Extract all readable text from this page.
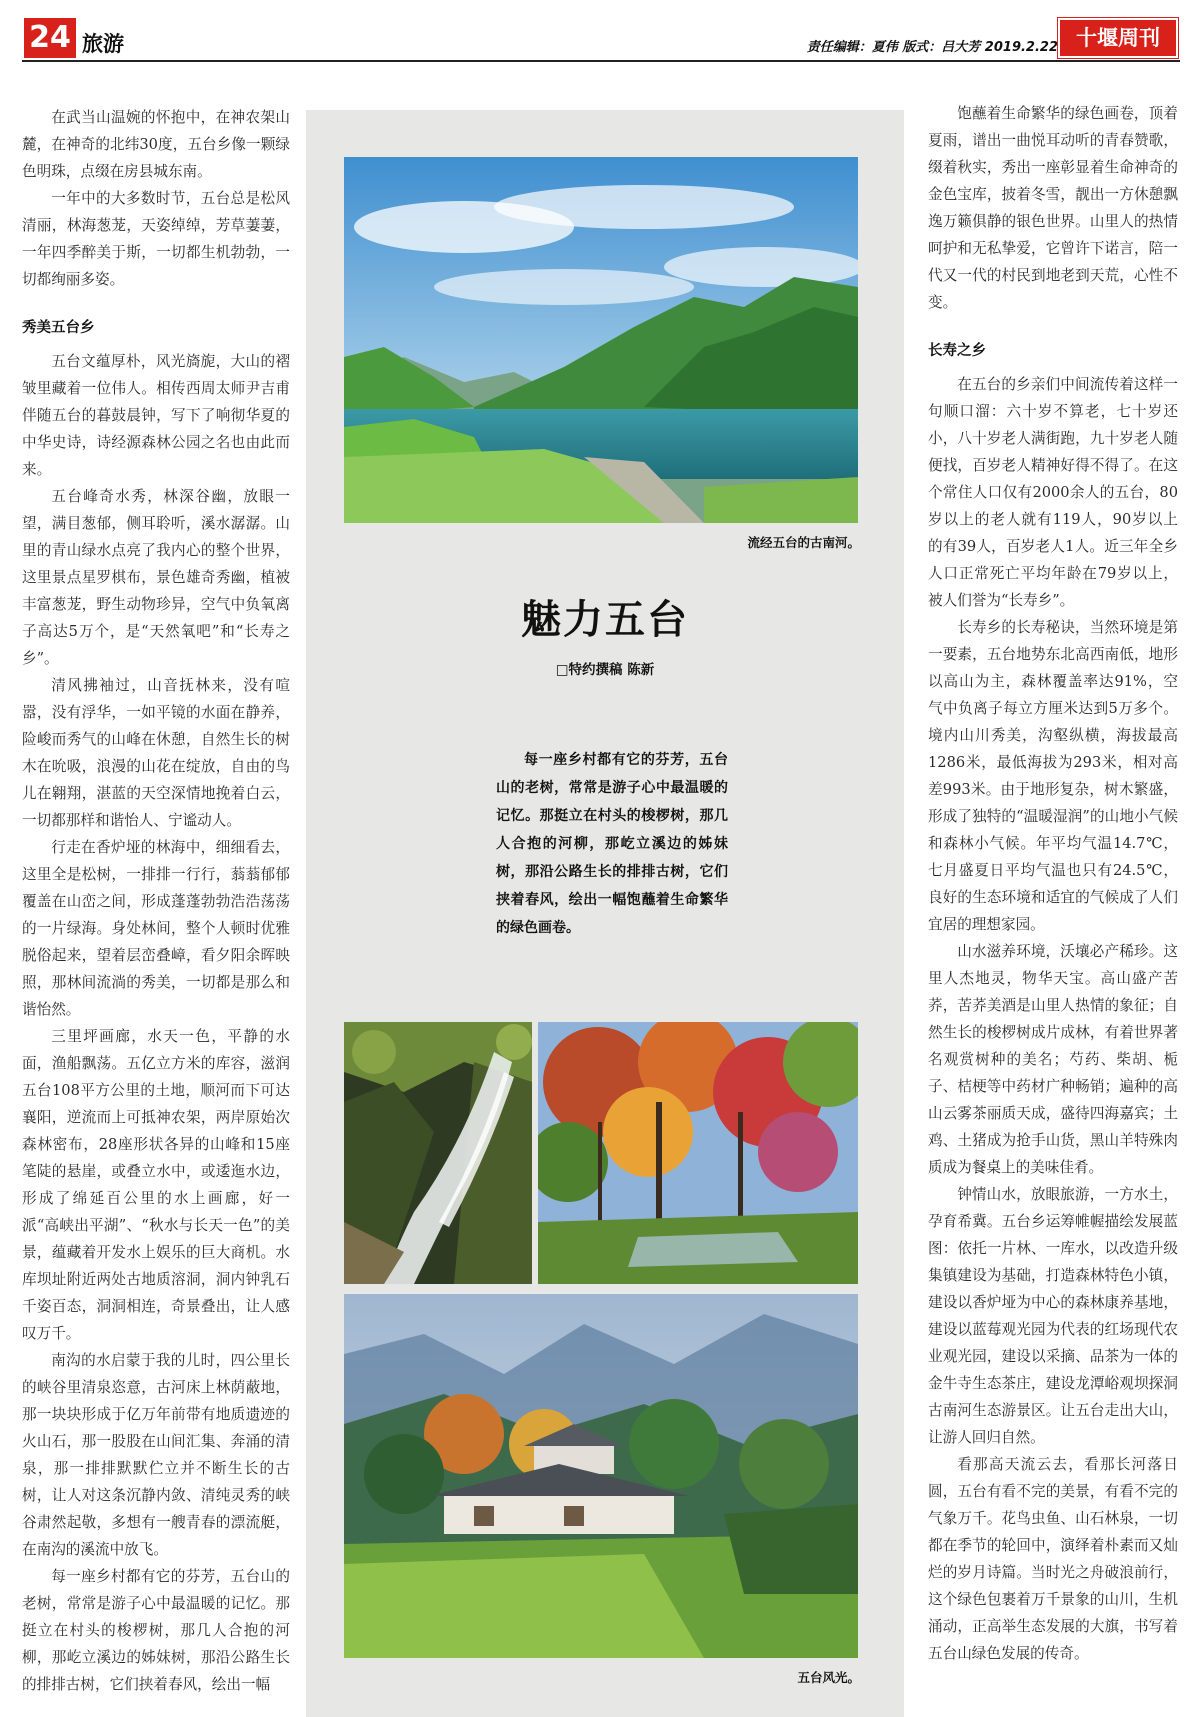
24 旅游	责任编辑：夏伟 版式：吕大芳 2019.2.22 十堰周刊

在武当山温婉的怀抱中，在神农架山麓，在神奇的北纬30度，五台乡像一颗绿色明珠，点缀在房县城东南。

一年中的大多数时节，五台总是松风清丽，林海葱茏，天姿绰绰，芳草萋萋，一年四季醉美于斯，一切都生机勃勃，一切都绚丽多姿。

秀美五台乡

五台文蕴厚朴，风光旖旎，大山的褶皱里藏着一位伟人。相传西周太师尹吉甫伴随五台的暮鼓晨钟，写下了响彻华夏的中华史诗，诗经源森林公园之名也由此而来。

五台峰奇水秀，林深谷幽，放眼一望，满目葱郁，侧耳聆听，溪水潺潺。山里的青山绿水点亮了我内心的整个世界，这里景点星罗棋布，景色雄奇秀幽，植被丰富葱茏，野生动物珍异，空气中负氧离子高达5万个，是“天然氧吧”和“长寿之乡”。

清风拂袖过，山音抚林来，没有喧嚣，没有浮华，一如平镜的水面在静养，险峻而秀气的山峰在休憩，自然生长的树木在吮吸，浪漫的山花在绽放，自由的鸟儿在翱翔，湛蓝的天空深情地挽着白云，一切都那样和谐怡人、宁谧动人。

行走在香炉垭的林海中，细细看去，这里全是松树，一排排一行行，蓊蓊郁郁覆盖在山峦之间，形成蓬蓬勃勃浩浩荡荡的一片绿海。身处林间，整个人顿时优雅脱俗起来，望着层峦叠嶂，看夕阳余晖映照，那林间流淌的秀美，一切都是那么和谐怡然。

三里坪画廊，水天一色，平静的水面，渔船飘荡。五亿立方米的库容，滋润五台108平方公里的土地，顺河而下可达襄阳，逆流而上可抵神农架，两岸原始次森林密布，28座形状各异的山峰和15座笔陡的悬崖，或叠立水中，或逶迤水边，形成了绵延百公里的水上画廊，好一派“高峡出平湖”、“秋水与长天一色”的美景，蕴藏着开发水上娱乐的巨大商机。水库坝址附近两处古地质溶洞，洞内钟乳石千姿百态，洞洞相连，奇景叠出，让人感叹万千。

南沟的水启蒙于我的儿时，四公里长的峡谷里清泉恣意，古河床上林荫蔽地，那一块块形成于亿万年前带有地质遗迹的火山石，那一股股在山间汇集、奔涌的清泉，那一排排默默伫立并不断生长的古树，让人对这条沉静内敛、清纯灵秀的峡谷肃然起敬，多想有一艘青春的漂流艇，在南沟的溪流中放飞。

每一座乡村都有它的芬芳，五台山的老树，常常是游子心中最温暖的记忆。那挺立在村头的梭椤树，那几人合抱的河柳，那屹立溪边的姊妹树，那沿公路生长的排排古树，它们挟着春风，绘出一幅

流经五台的古南河。
魅力五台
□特约撰稿 陈新
每一座乡村都有它的芬芳，五台山的老树，常常是游子心中最温暖的记忆。那挺立在村头的梭椤树，那几人合抱的河柳，那屹立溪边的姊妹树，那沿公路生长的排排古树，它们挟着春风，绘出一幅饱蘸着生命繁华的绿色画卷。
五台风光。

饱蘸着生命繁华的绿色画卷，顶着夏雨，谱出一曲悦耳动听的青春赞歌，缀着秋实，秀出一座彰显着生命神奇的金色宝库，披着冬雪，靓出一方休憩飘逸万籁俱静的银色世界。山里人的热情呵护和无私挚爱，它曾许下诺言，陪一代又一代的村民到地老到天荒，心性不变。

长寿之乡

在五台的乡亲们中间流传着这样一句顺口溜：六十岁不算老，七十岁还小，八十岁老人满街跑，九十岁老人随便找，百岁老人精神好得不得了。在这个常住人口仅有2000余人的五台，80岁以上的老人就有119人，90岁以上的有39人，百岁老人1人。近三年全乡人口正常死亡平均年龄在79岁以上，被人们誉为“长寿乡”。

长寿乡的长寿秘诀，当然环境是第一要素，五台地势东北高西南低，地形以高山为主，森林覆盖率达91%，空气中负离子每立方厘米达到5万多个。境内山川秀美，沟壑纵横，海拔最高1286米，最低海拔为293米，相对高差993米。由于地形复杂，树木繁盛，形成了独特的“温暖湿润”的山地小气候和森林小气候。年平均气温14.7℃，七月盛夏日平均气温也只有24.5℃，良好的生态环境和适宜的气候成了人们宜居的理想家园。

山水滋养环境，沃壤必产稀珍。这里人杰地灵，物华天宝。高山盛产苦荞，苦荞美酒是山里人热情的象征；自然生长的梭椤树成片成林，有着世界著名观赏树种的美名；芍药、柴胡、栀子、桔梗等中药材广种畅销；遍种的高山云雾茶丽质天成，盛待四海嘉宾；土鸡、土猪成为抢手山货，黑山羊特殊肉质成为餐桌上的美味佳肴。

钟情山水，放眼旅游，一方水土，孕育希冀。五台乡运筹帷幄描绘发展蓝图：依托一片林、一库水，以改造升级集镇建设为基础，打造森林特色小镇，建设以香炉垭为中心的森林康养基地，建设以蓝莓观光园为代表的红场现代农业观光园，建设以采摘、品茶为一体的金牛寺生态茶庄，建设龙潭峪观坝探洞古南河生态游景区。让五台走出大山，让游人回归自然。

看那高天流云去，看那长河落日圆，五台有看不完的美景，有看不完的气象万千。花鸟虫鱼、山石林泉，一切都在季节的轮回中，演绎着朴素而又灿烂的岁月诗篇。当时光之舟破浪前行，这个绿色包裹着万千景象的山川，生机涌动，正高举生态发展的大旗，书写着五台山绿色发展的传奇。
